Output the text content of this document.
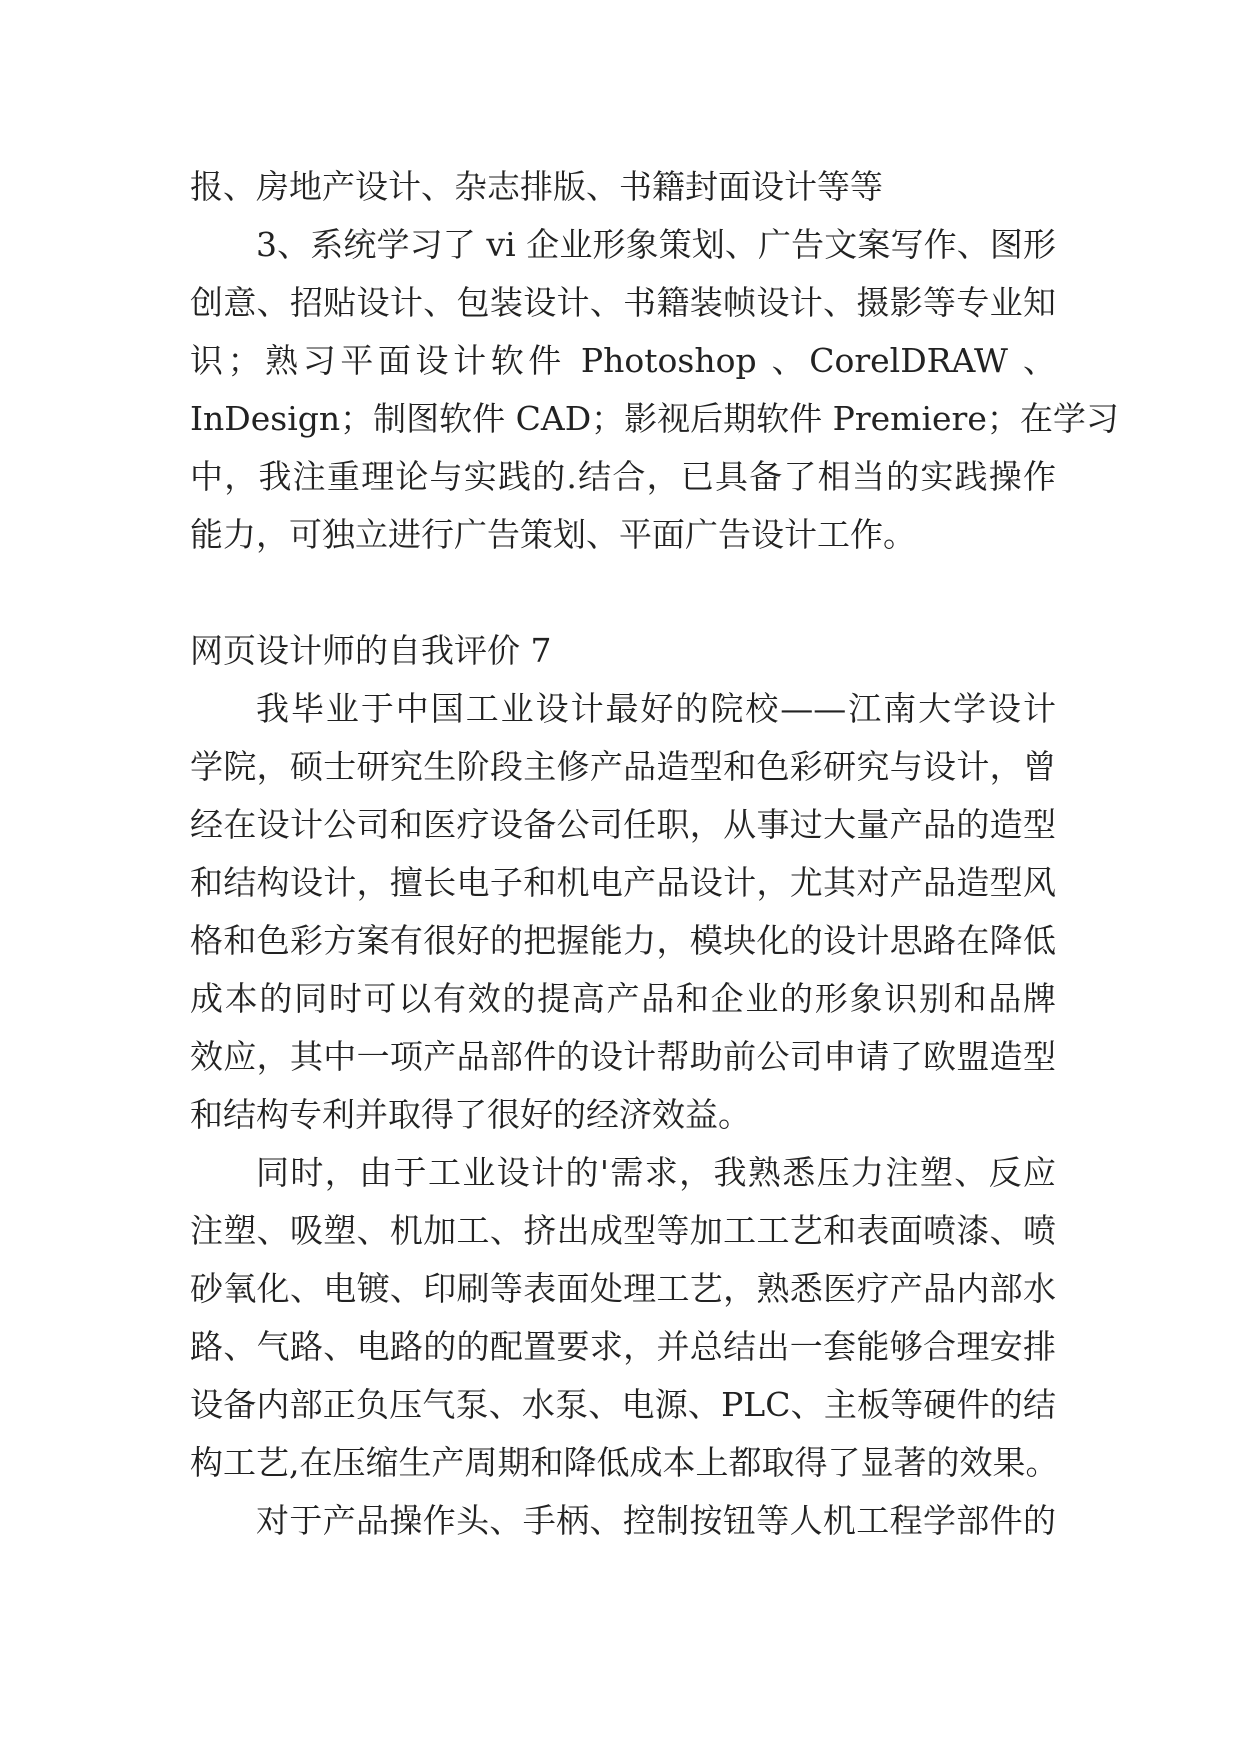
报、房地产设计、杂志排版、书籍封面设计等等
3、系统学习了 vi 企业形象策划、广告文案写作、图形
创意、招贴设计、包装设计、书籍装帧设计、摄影等专业知
识；熟习平面设计软件 Photoshop 、CorelDRAW 、
InDesign；制图软件 CAD；影视后期软件 Premiere；在学习
中，我注重理论与实践的.结合，已具备了相当的实践操作
能力，可独立进行广告策划、平面广告设计工作。
网页设计师的自我评价 7
我毕业于中国工业设计最好的院校——江南大学设计
学院，硕士研究生阶段主修产品造型和色彩研究与设计，曾
经在设计公司和医疗设备公司任职，从事过大量产品的造型
和结构设计，擅长电子和机电产品设计，尤其对产品造型风
格和色彩方案有很好的把握能力，模块化的设计思路在降低
成本的同时可以有效的提高产品和企业的形象识别和品牌
效应，其中一项产品部件的设计帮助前公司申请了欧盟造型
和结构专利并取得了很好的经济效益。
同时，由于工业设计的'需求，我熟悉压力注塑、反应
注塑、吸塑、机加工、挤出成型等加工工艺和表面喷漆、喷
砂氧化、电镀、印刷等表面处理工艺，熟悉医疗产品内部水
路、气路、电路的的配置要求，并总结出一套能够合理安排
设备内部正负压气泵、水泵、电源、PLC、主板等硬件的结
构工艺,在压缩生产周期和降低成本上都取得了显著的效果。
对于产品操作头、手柄、控制按钮等人机工程学部件的
